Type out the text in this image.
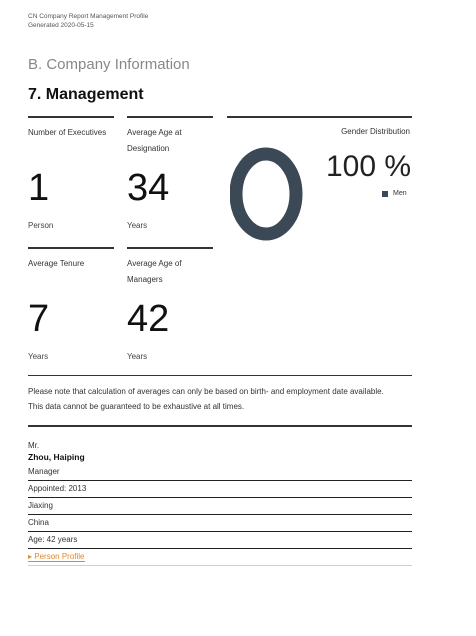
CN Company Report Management Profile
Generated 2020-05-15
B. Company Information
7. Management
Number of Executives
1
Person
Average Age at Designation
34
Years
Average Tenure
7
Years
Average Age of Managers
42
Years
Gender Distribution
100 %
Men
Please note that calculation of averages can only be based on birth- and employment date available. This data cannot be guaranteed to be exhaustive at all times.
Mr.
Zhou, Haiping
Manager
Appointed: 2013
Jiaxing
China
Age: 42 years
▸ Person Profile
